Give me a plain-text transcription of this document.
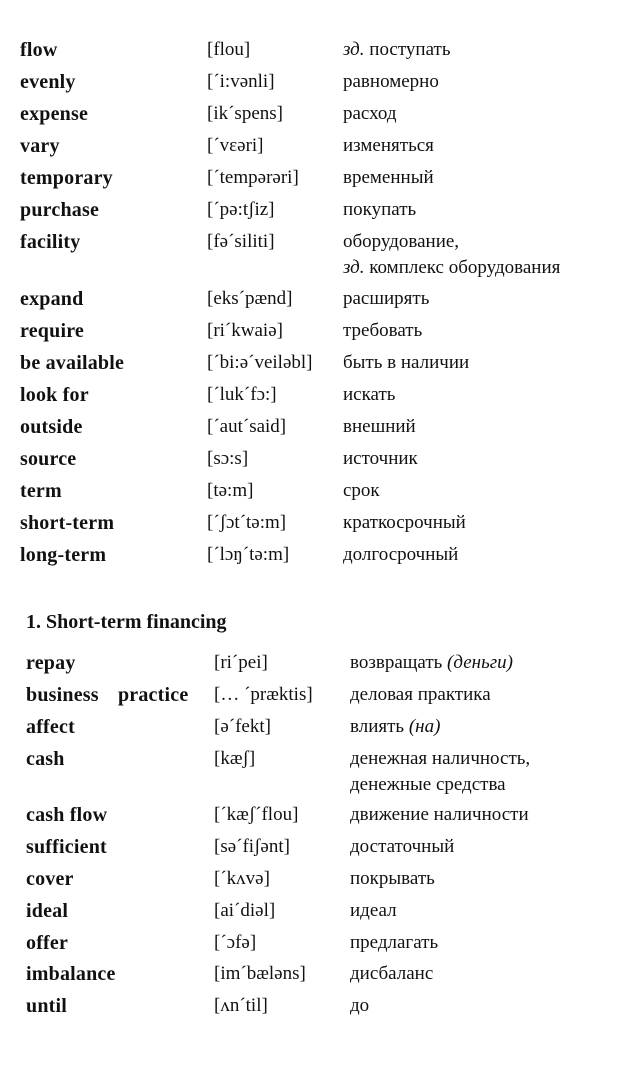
flow	[flou]	зд. поступать
evenly	[´i:vənli]	равномерно
expense	[ik´spens]	расход
vary	[´vɛəri]	изменяться
temporary	[´tempərəri] временный
purchase	[´pə:tʃiz]	покупать
facility	[fə´siliti]	оборудование,
зд. комплекс оборудования
expand	[eks´pænd]	расширять
require	[ri´kwaiə]	требовать
be available	[´bi:ə´veiləbl] быть в наличии
look for	[´luk´fɔ:]	искать
outside	[´aut´said]	внешний
source	[sɔ:s]	источник
term	[tə:m]	срок
short-term	[´ʃɔt´tə:m]	краткосрочный
long-term	[´lɔŋ´tə:m]	долгосрочный
1. Short-term financing
repay	[ri´pei]	возвращать (деньги)
business practice [… ´præktis] деловая практика
affect	[ə´fekt]	влиять (на)
cash	[kæʃ]	денежная наличность,
денежные средства
cash flow	[´kæʃ´flou]	движение наличности
sufficient	[sə´fiʃənt]	достаточный
cover	[´kʌvə]	покрывать
ideal	[ai´diəl]	идеал
offer	[´ɔfə]	предлагать
imbalance	[im´bæləns] дисбаланс
until	[ʌn´til]	до
